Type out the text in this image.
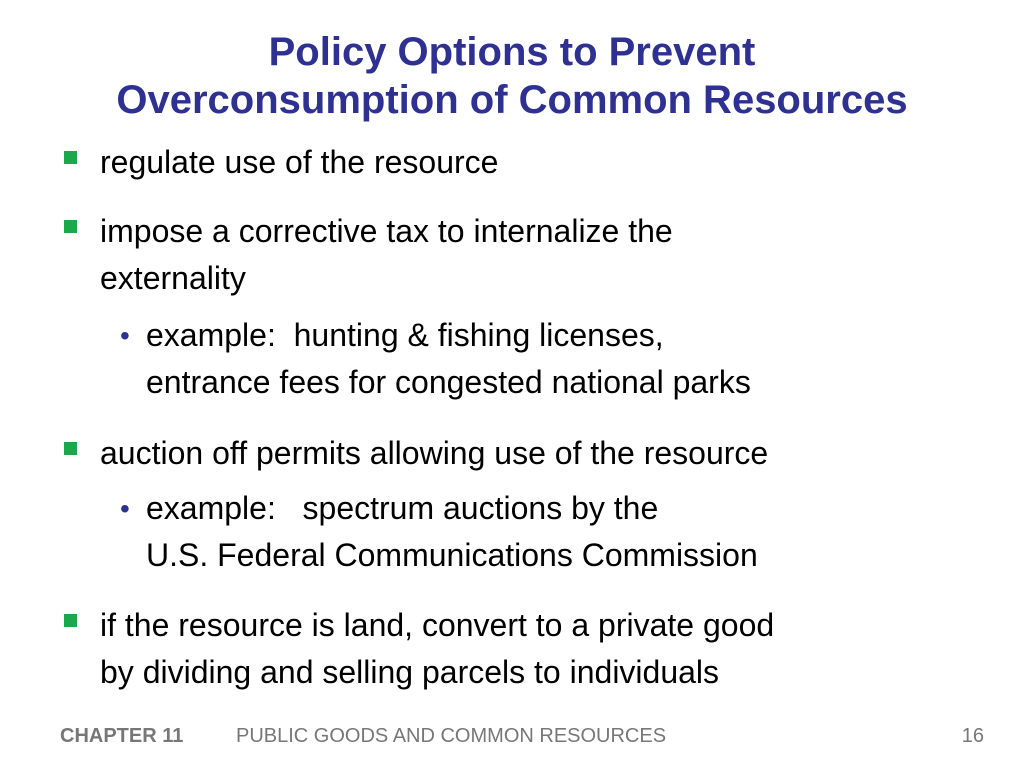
Policy Options to Prevent
Overconsumption of Common Resources
regulate use of the resource
impose a corrective tax to internalize the
externality
• example:  hunting & fishing licenses,
entrance fees for congested national parks
auction off permits allowing use of the resource
• example:   spectrum auctions by the
U.S. Federal Communications Commission
if the resource is land, convert to a private good
by dividing and selling parcels to individuals
CHAPTER 11	PUBLIC GOODS AND COMMON RESOURCES	16
